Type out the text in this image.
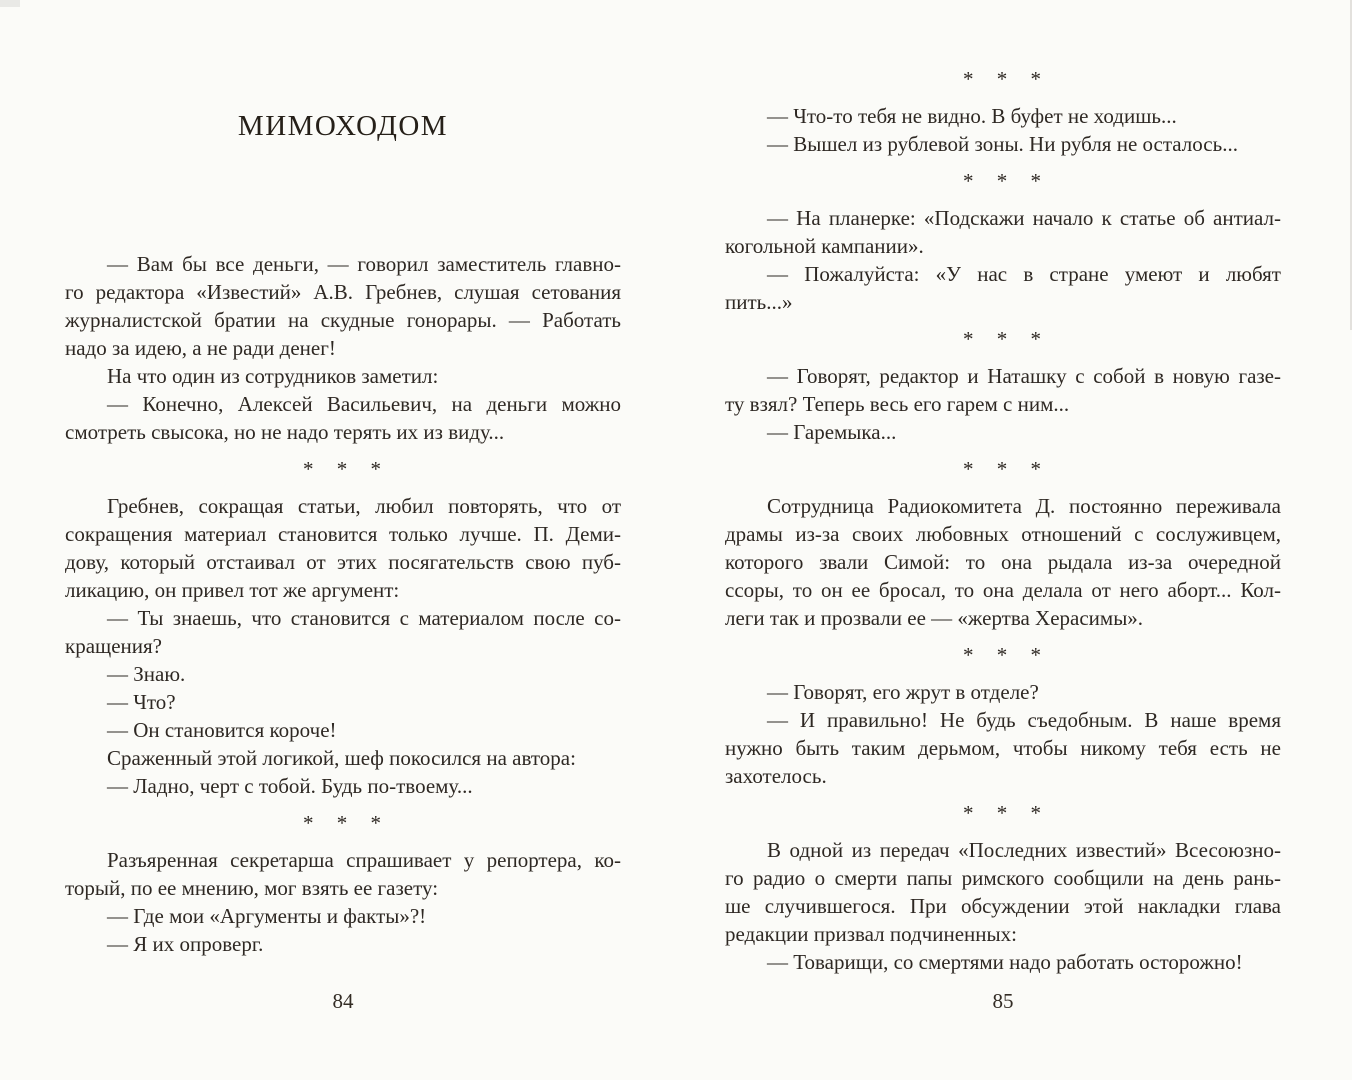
МИМОХОДОМ
— Вам бы все деньги, — говорил заместитель главно-
го редактора «Известий» А.В. Гребнев, слушая сетования
журналистской братии на скудные гонорары. — Работать
надо за идею, а не ради денег!
На что один из сотрудников заметил:
— Конечно, Алексей Васильевич, на деньги можно
смотреть свысока, но не надо терять их из виду...
* * *
Гребнев, сокращая статьи, любил повторять, что от
сокращения материал становится только лучше. П. Деми-
дову, который отстаивал от этих посягательств свою пуб-
ликацию, он привел тот же аргумент:
— Ты знаешь, что становится с материалом после со-
кращения?
— Знаю.
— Что?
— Он становится короче!
Сраженный этой логикой, шеф покосился на автора:
— Ладно, черт с тобой. Будь по-твоему...
* * *
Разъяренная секретарша спрашивает у репортера, ко-
торый, по ее мнению, мог взять ее газету:
— Где мои «Аргументы и факты»?!
— Я их опроверг.
* * *
— Что-то тебя не видно. В буфет не ходишь...
— Вышел из рублевой зоны. Ни рубля не осталось...
* * *
— На планерке: «Подскажи начало к статье об антиал-
когольной кампании».
— Пожалуйста: «У нас в стране умеют и любят
пить...»
* * *
— Говорят, редактор и Наташку с собой в новую газе-
ту взял? Теперь весь его гарем с ним...
— Гаремыка...
* * *
Сотрудница Радиокомитета Д. постоянно переживала
драмы из-за своих любовных отношений с сослуживцем,
которого звали Симой: то она рыдала из-за очередной
ссоры, то он ее бросал, то она делала от него аборт... Кол-
леги так и прозвали ее — «жертва Херасимы».
* * *
— Говорят, его жрут в отделе?
— И правильно! Не будь съедобным. В наше время
нужно быть таким дерьмом, чтобы никому тебя есть не
захотелось.
* * *
В одной из передач «Последних известий» Всесоюзно-
го радио о смерти папы римского сообщили на день рань-
ше случившегося. При обсуждении этой накладки глава
редакции призвал подчиненных:
— Товарищи, со смертями надо работать осторожно!
84	85
